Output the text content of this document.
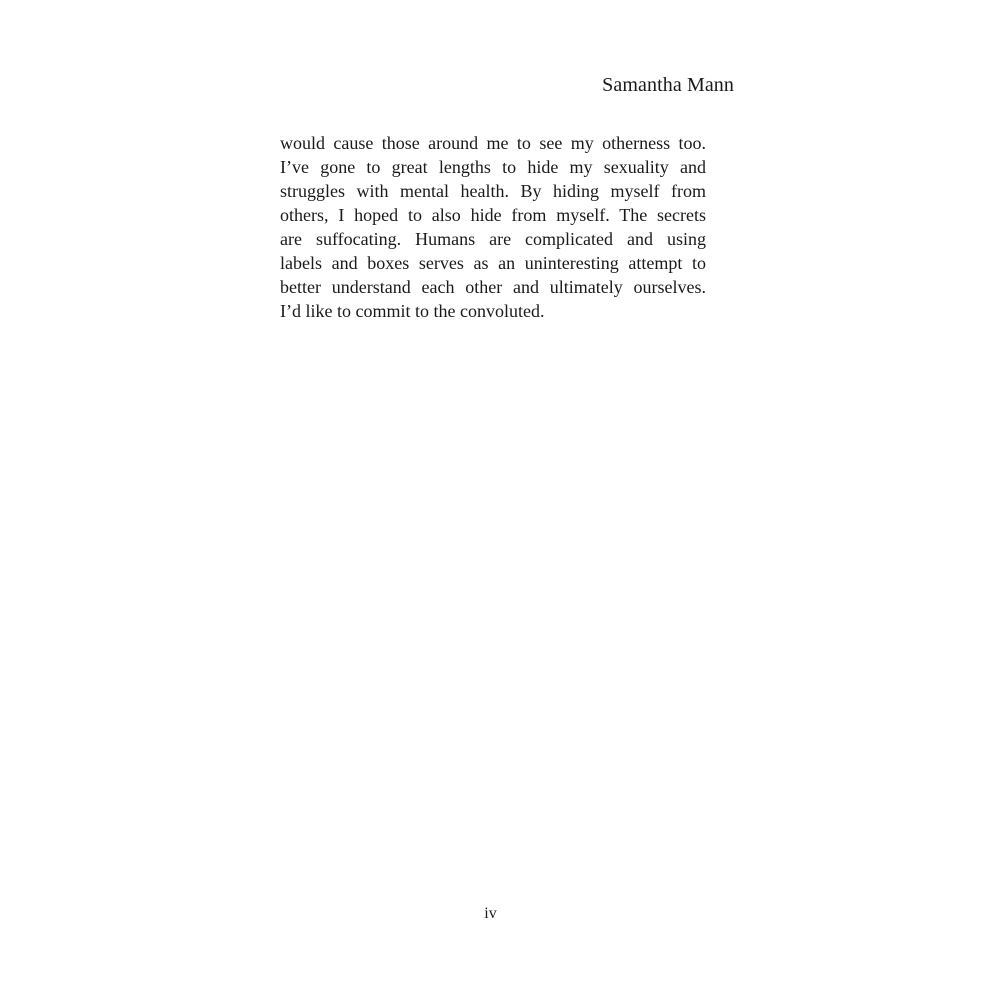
Samantha Mann
would cause those around me to see my otherness too.
I’ve gone to great lengths to hide my sexuality and
struggles with mental health. By hiding myself from
others, I hoped to also hide from myself. The secrets
are suffocating. Humans are complicated and using
labels and boxes serves as an uninteresting attempt to
better understand each other and ultimately ourselves.
I’d like to commit to the convoluted.
iv
